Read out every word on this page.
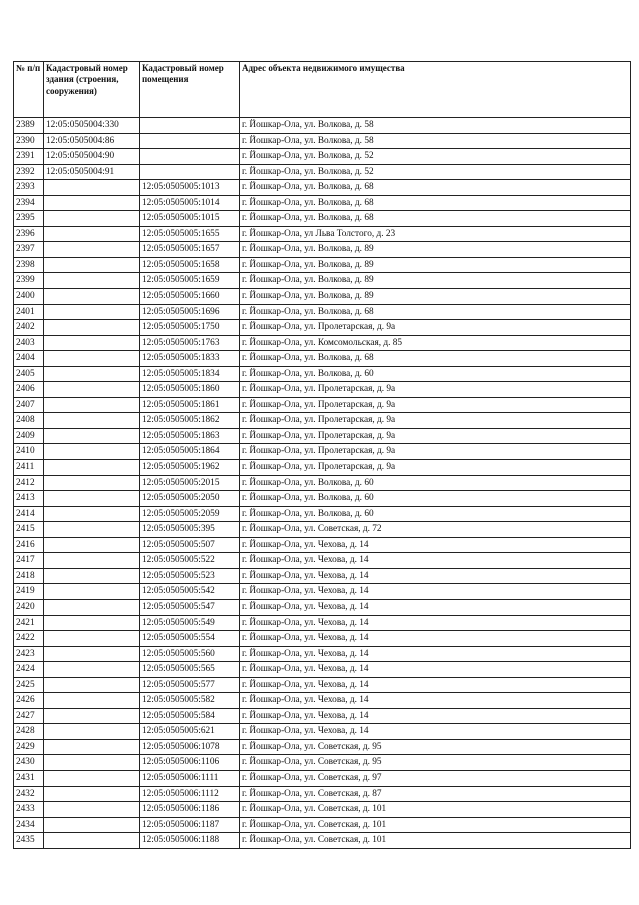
№ п/п	Кадастровый номер здания (строения, сооружения)	Кадастровый номер помещения	Адрес объекта недвижимого имущества
2389	12:05:0505004:330		г. Йошкар-Ола, ул. Волкова, д. 58
2390	12:05:0505004:86		г. Йошкар-Ола, ул. Волкова, д. 58
2391	12:05:0505004:90		г. Йошкар-Ола, ул. Волкова, д. 52
2392	12:05:0505004:91		г. Йошкар-Ола, ул. Волкова, д. 52
2393		12:05:0505005:1013	г. Йошкар-Ола, ул. Волкова, д. 68
2394		12:05:0505005:1014	г. Йошкар-Ола, ул. Волкова, д. 68
2395		12:05:0505005:1015	г. Йошкар-Ола, ул. Волкова, д. 68
2396		12:05:0505005:1655	г. Йошкар-Ола, ул Льва Толстого, д. 23
2397		12:05:0505005:1657	г. Йошкар-Ола, ул. Волкова, д. 89
2398		12:05:0505005:1658	г. Йошкар-Ола, ул. Волкова, д. 89
2399		12:05:0505005:1659	г. Йошкар-Ола, ул. Волкова, д. 89
2400		12:05:0505005:1660	г. Йошкар-Ола, ул. Волкова, д. 89
2401		12:05:0505005:1696	г. Йошкар-Ола, ул. Волкова, д. 68
2402		12:05:0505005:1750	г. Йошкар-Ола, ул. Пролетарская, д. 9а
2403		12:05:0505005:1763	г. Йошкар-Ола, ул. Комсомольская, д. 85
2404		12:05:0505005:1833	г. Йошкар-Ола, ул. Волкова, д. 68
2405		12:05:0505005:1834	г. Йошкар-Ола, ул. Волкова, д. 60
2406		12:05:0505005:1860	г. Йошкар-Ола, ул. Пролетарская, д. 9а
2407		12:05:0505005:1861	г. Йошкар-Ола, ул. Пролетарская, д. 9а
2408		12:05:0505005:1862	г. Йошкар-Ола, ул. Пролетарская, д. 9а
2409		12:05:0505005:1863	г. Йошкар-Ола, ул. Пролетарская, д. 9а
2410		12:05:0505005:1864	г. Йошкар-Ола, ул. Пролетарская, д. 9а
2411		12:05:0505005:1962	г. Йошкар-Ола, ул. Пролетарская, д. 9а
2412		12:05:0505005:2015	г. Йошкар-Ола, ул. Волкова, д. 60
2413		12:05:0505005:2050	г. Йошкар-Ола, ул. Волкова, д. 60
2414		12:05:0505005:2059	г. Йошкар-Ола, ул. Волкова, д. 60
2415		12:05:0505005:395	г. Йошкар-Ола, ул. Советская, д. 72
2416		12:05:0505005:507	г. Йошкар-Ола, ул. Чехова, д. 14
2417		12:05:0505005:522	г. Йошкар-Ола, ул. Чехова, д. 14
2418		12:05:0505005:523	г. Йошкар-Ола, ул. Чехова, д. 14
2419		12:05:0505005:542	г. Йошкар-Ола, ул. Чехова, д. 14
2420		12:05:0505005:547	г. Йошкар-Ола, ул. Чехова, д. 14
2421		12:05:0505005:549	г. Йошкар-Ола, ул. Чехова, д. 14
2422		12:05:0505005:554	г. Йошкар-Ола, ул. Чехова, д. 14
2423		12:05:0505005:560	г. Йошкар-Ола, ул. Чехова, д. 14
2424		12:05:0505005:565	г. Йошкар-Ола, ул. Чехова, д. 14
2425		12:05:0505005:577	г. Йошкар-Ола, ул. Чехова, д. 14
2426		12:05:0505005:582	г. Йошкар-Ола, ул. Чехова, д. 14
2427		12:05:0505005:584	г. Йошкар-Ола, ул. Чехова, д. 14
2428		12:05:0505005:621	г. Йошкар-Ола, ул. Чехова, д. 14
2429		12:05:0505006:1078	г. Йошкар-Ола, ул. Советская, д. 95
2430		12:05:0505006:1106	г. Йошкар-Ола, ул. Советская, д. 95
2431		12:05:0505006:1111	г. Йошкар-Ола, ул. Советская, д. 97
2432		12:05:0505006:1112	г. Йошкар-Ола, ул. Советская, д. 87
2433		12:05:0505006:1186	г. Йошкар-Ола, ул. Советская, д. 101
2434		12:05:0505006:1187	г. Йошкар-Ола, ул. Советская, д. 101
2435		12:05:0505006:1188	г. Йошкар-Ола, ул. Советская, д. 101
